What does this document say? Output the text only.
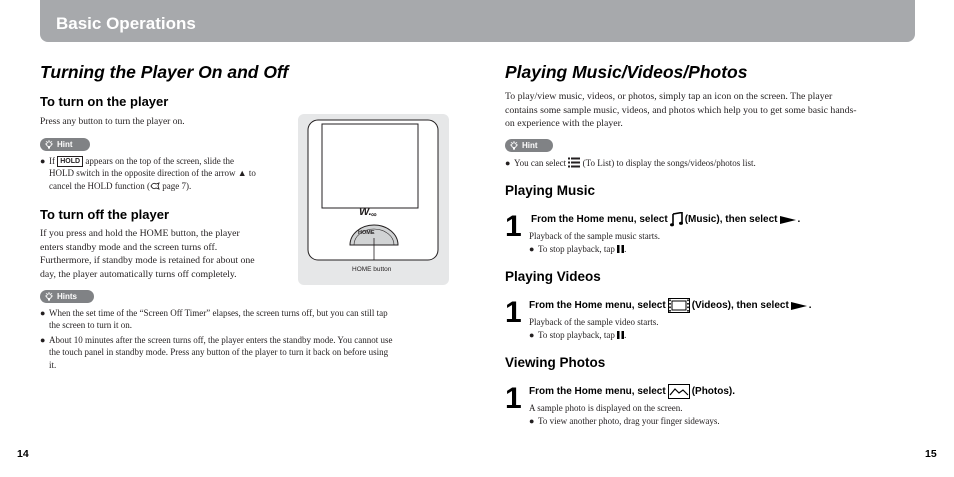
Basic Operations
Turning the Player On and Off
To turn on the player
Press any button to turn the player on.
Hint
● If HOLD appears on the top of the screen, slide the
HOLD switch in the opposite direction of the arrow ▲ to
cancel the HOLD function ( page 7).
To turn off the player
If you press and hold the HOME button, the player
enters standby mode and the screen turns off.
Furthermore, if standby mode is retained for about one
day, the player automatically turns off completely.
W. ∞
HOME
HOME button
Hints
● When the set time of the “Screen Off Timer” elapses, the screen turns off, but you can still tap
the screen to turn it on.
● About 10 minutes after the screen turns off, the player enters the standby mode. You cannot use
the touch panel in standby mode. Press any button of the player to turn it back on before using
it.
14
Playing Music/Videos/Photos
To play/view music, videos, or photos, simply tap an icon on the screen. The player
contains some sample music, videos, and photos which help you to get some basic hands-
on experience with the player.
Hint
● You can select (To List) to display the songs/videos/photos list.
Playing Music
1 From the Home menu, select (Music), then select .
Playback of the sample music starts.
● To stop playback, tap .
Playing Videos
1 From the Home menu, select	(Videos), then select .
Playback of the sample video starts.
● To stop playback, tap .
Viewing Photos
1 From the Home menu, select	(Photos).
A sample photo is displayed on the screen.
● To view another photo, drag your finger sideways.
15
